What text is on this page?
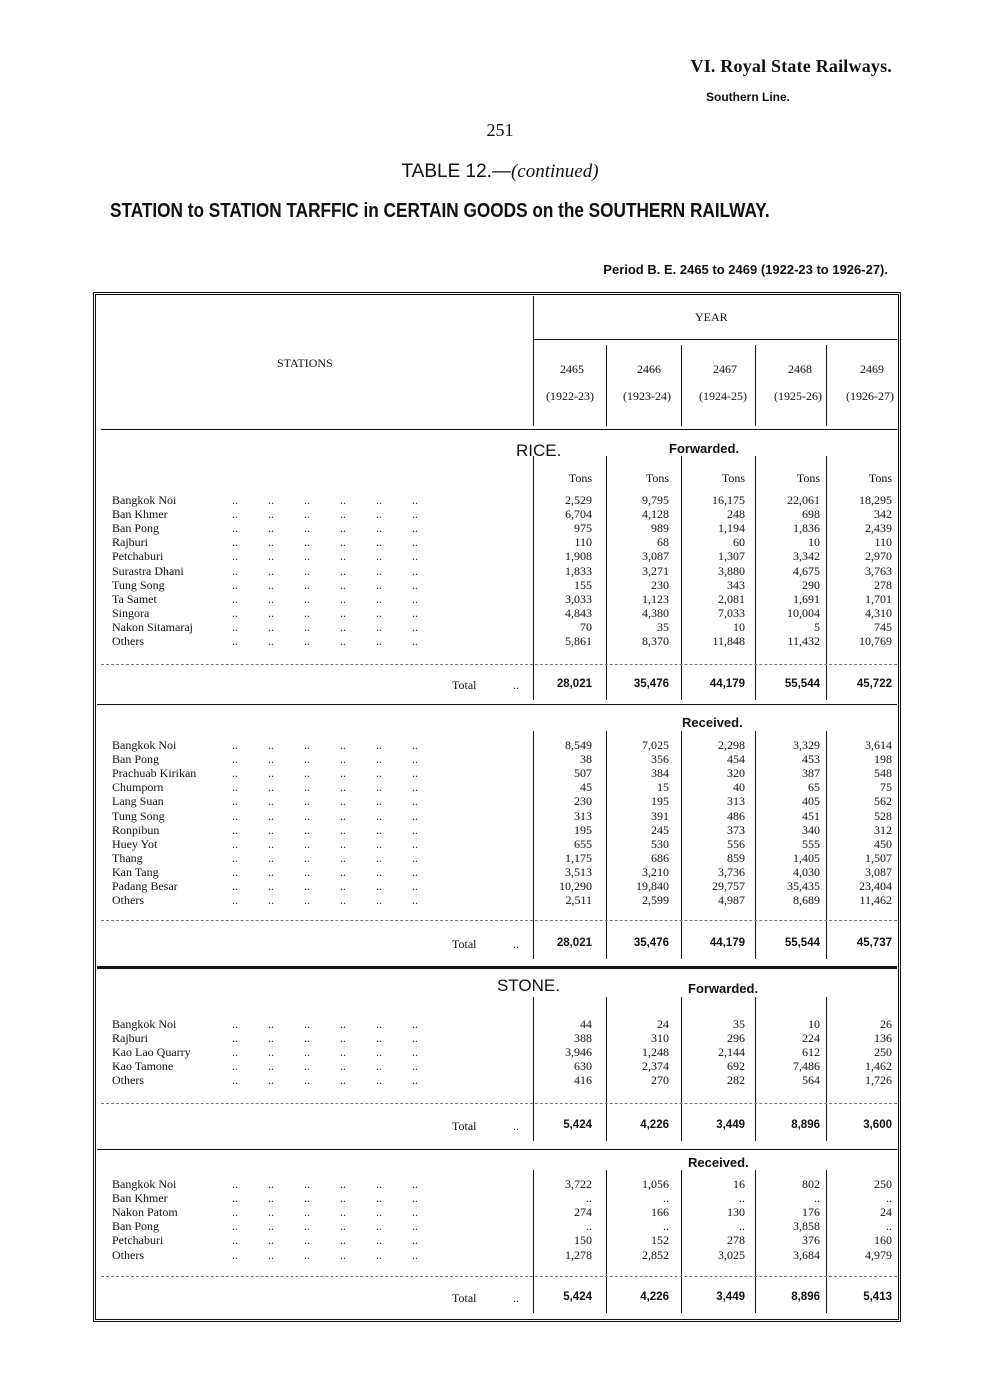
VI. Royal State Railways.
Southern Line.
251
TABLE 12.—(continued)
STATION to STATION TARFFIC in CERTAIN GOODS on the SOUTHERN RAILWAY.
Period B. E. 2465 to 2469 (1922-23 to 1926-27).
STATIONS
YEAR
2465
(1922-23)
2466
(1923-24)
2467
(1924-25)
2468
(1925-26)
2469
(1926-27)
RICE.	Forwarded.
Tons	Tons	Tons	Tons	Tons
Bangkok Noi	..          ..          ..          ..          ..          ..	2,529	9,795	16,175	22,061	18,295
Ban Khmer	..          ..          ..          ..          ..          ..	6,704	4,128	248	698	342
Ban Pong	..          ..          ..          ..          ..          ..	975	989	1,194	1,836	2,439
Rajburi	..          ..          ..          ..          ..          ..	110	68	60	10	110
Petchaburi	..          ..          ..          ..          ..          ..	1,908	3,087	1,307	3,342	2,970
Surastra Dhani	..          ..          ..          ..          ..          ..	1,833	3,271	3,880	4,675	3,763
Tung Song	..          ..          ..          ..          ..          ..	155	230	343	290	278
Ta Samet	..          ..          ..          ..          ..          ..	3,033	1,123	2,081	1,691	1,701
Singora	..          ..          ..          ..          ..          ..	4,843	4,380	7,033	10,004	4,310
Nakon Sitamaraj	..          ..          ..          ..          ..          ..	70	35	10	5	745
Others	..          ..          ..          ..          ..          ..	5,861	8,370	11,848	11,432	10,769
Total	..	28,021	35,476	44,179	55,544	45,722
Received.
Bangkok Noi	..          ..          ..          ..          ..          ..	8,549	7,025	2,298	3,329	3,614
Ban Pong	..          ..          ..          ..          ..          ..	38	356	454	453	198
Prachuab Kirikan	..          ..          ..          ..          ..          ..	507	384	320	387	548
Chumporn	..          ..          ..          ..          ..          ..	45	15	40	65	75
Lang Suan	..          ..          ..          ..          ..          ..	230	195	313	405	562
Tung Song	..          ..          ..          ..          ..          ..	313	391	486	451	528
Ronpibun	..          ..          ..          ..          ..          ..	195	245	373	340	312
Huey Yot	..          ..          ..          ..          ..          ..	655	530	556	555	450
Thang	..          ..          ..          ..          ..          ..	1,175	686	859	1,405	1,507
Kan Tang	..          ..          ..          ..          ..          ..	3,513	3,210	3,736	4,030	3,087
Padang Besar	..          ..          ..          ..          ..          ..	10,290	19,840	29,757	35,435	23,404
Others	..          ..          ..          ..          ..          ..	2,511	2,599	4,987	8,689	11,462
Total	..	28,021	35,476	44,179	55,544	45,737
STONE.	Forwarded.
Bangkok Noi	..          ..          ..          ..          ..          ..	44	24	35	10	26
Rajburi	..          ..          ..          ..          ..          ..	388	310	296	224	136
Kao Lao Quarry	..          ..          ..          ..          ..          ..	3,946	1,248	2,144	612	250
Kao Tamone	..          ..          ..          ..          ..          ..	630	2,374	692	7,486	1,462
Others	..          ..          ..          ..          ..          ..	416	270	282	564	1,726
Total	..	5,424	4,226	3,449	8,896	3,600
Received.
Bangkok Noi	..          ..          ..          ..          ..          ..	3,722	1,056	16	802	250
Ban Khmer	..          ..          ..          ..          ..          ..	..	..	..	..	..
Nakon Patom	..          ..          ..          ..          ..          ..	274	166	130	176	24
Ban Pong	..          ..          ..          ..          ..          ..	..	..	..	3,858	..
Petchaburi	..          ..          ..          ..          ..          ..	150	152	278	376	160
Others	..          ..          ..          ..          ..          ..	1,278	2,852	3,025	3,684	4,979
Total	..	5,424	4,226	3,449	8,896	5,413
